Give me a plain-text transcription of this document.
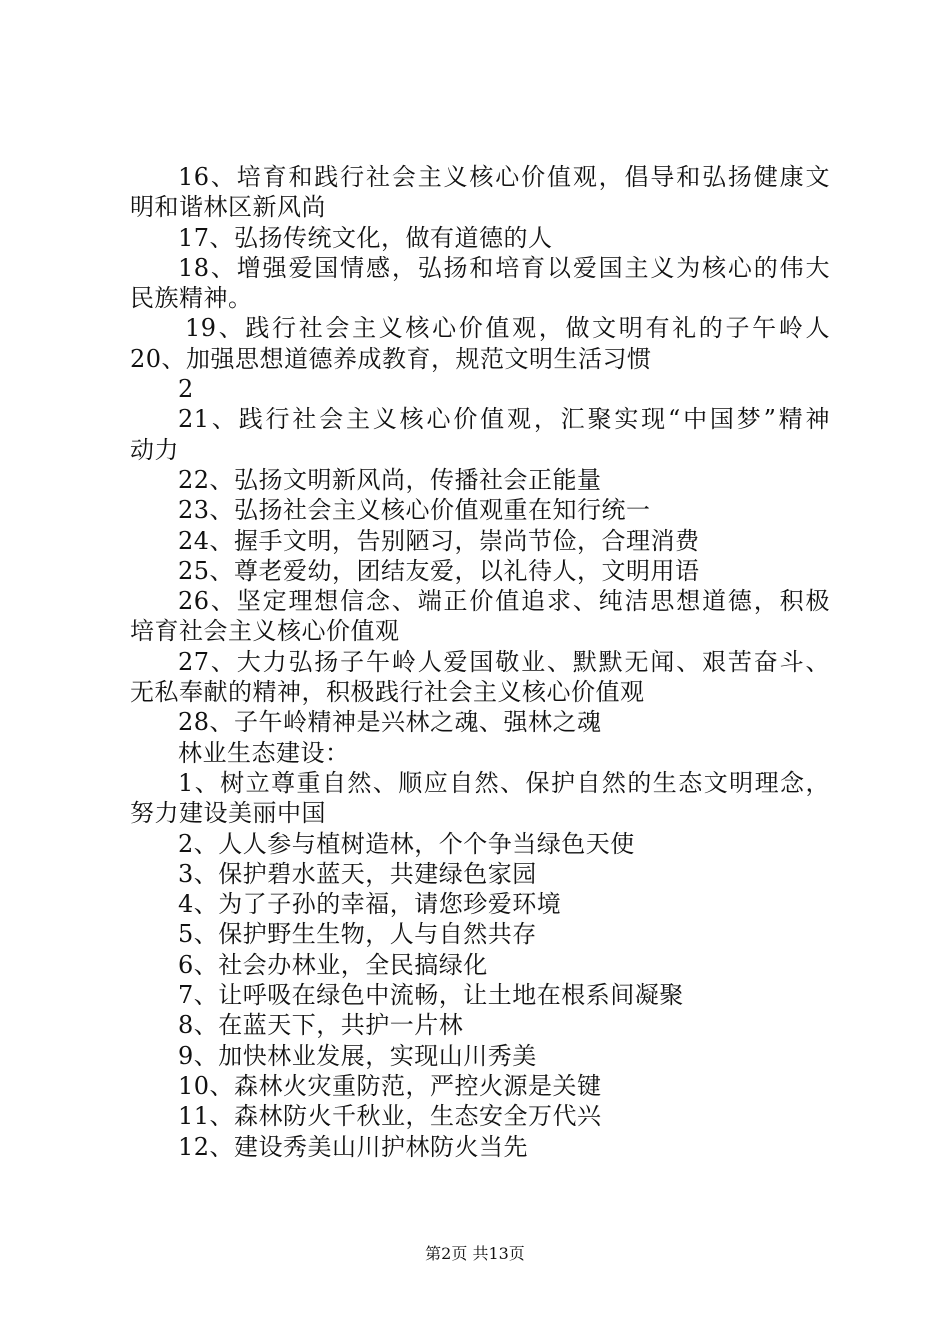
16、培育和践行社会主义核心价值观，倡导和弘扬健康文
明和谐林区新风尚
17、弘扬传统文化，做有道德的人
18、增强爱国情感，弘扬和培育以爱国主义为核心的伟大
民族精神。
19、践行社会主义核心价值观，做文明有礼的子午岭人
20、加强思想道德养成教育，规范文明生活习惯
2
21、践行社会主义核心价值观，汇聚实现“中国梦”精神
动力
22、弘扬文明新风尚，传播社会正能量
23、弘扬社会主义核心价值观重在知行统一
24、握手文明，告别陋习，崇尚节俭，合理消费
25、尊老爱幼，团结友爱，以礼待人，文明用语
26、坚定理想信念、端正价值追求、纯洁思想道德，积极
培育社会主义核心价值观
27、大力弘扬子午岭人爱国敬业、默默无闻、艰苦奋斗、
无私奉献的精神，积极践行社会主义核心价值观
28、子午岭精神是兴林之魂、强林之魂
林业生态建设：
1、树立尊重自然、顺应自然、保护自然的生态文明理念，
努力建设美丽中国
2、人人参与植树造林，个个争当绿色天使
3、保护碧水蓝天，共建绿色家园
4、为了子孙的幸福，请您珍爱环境
5、保护野生生物，人与自然共存
6、社会办林业，全民搞绿化
7、让呼吸在绿色中流畅，让土地在根系间凝聚
8、在蓝天下，共护一片林
9、加快林业发展，实现山川秀美
10、森林火灾重防范，严控火源是关键
11、森林防火千秋业，生态安全万代兴
12、建设秀美山川护林防火当先
第2页 共13页
